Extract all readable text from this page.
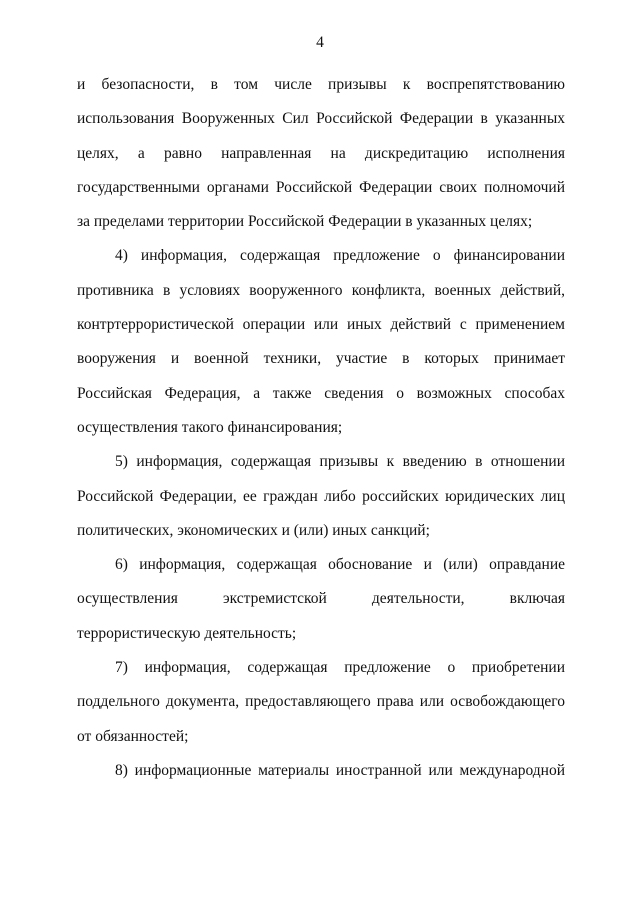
4

и безопасности, в том числе призывы к воспрепятствованию использования Вооруженных Сил Российской Федерации в указанных целях, а равно направленная на дискредитацию исполнения государственными органами Российской Федерации своих полномочий за пределами территории Российской Федерации в указанных целях;

4) информация, содержащая предложение о финансировании противника в условиях вооруженного конфликта, военных действий, контртеррористической операции или иных действий с применением вооружения и военной техники, участие в которых принимает Российская Федерация, а также сведения о возможных способах осуществления такого финансирования;

5) информация, содержащая призывы к введению в отношении Российской Федерации, ее граждан либо российских юридических лиц политических, экономических и (или) иных санкций;

6) информация, содержащая обоснование и (или) оправдание осуществления экстремистской деятельности, включая террористическую деятельность;

7) информация, содержащая предложение о приобретении поддельного документа, предоставляющего права или освобождающего от обязанностей;

8) информационные материалы иностранной или международной
